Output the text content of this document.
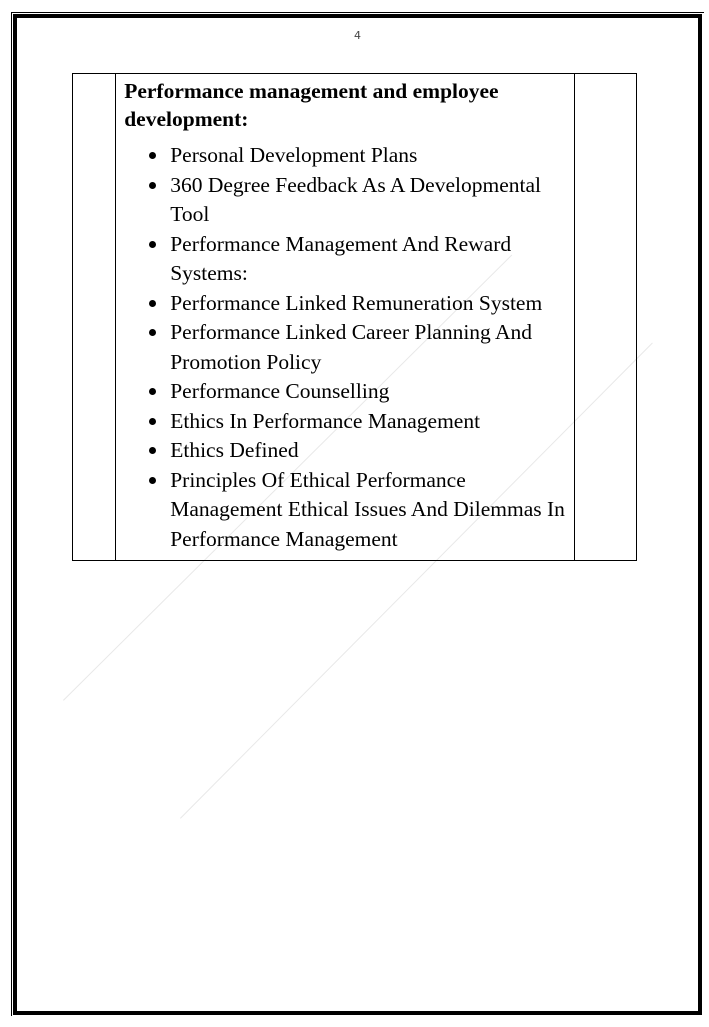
4

Performance management and employee development:

Personal Development Plans
360 Degree Feedback As A Developmental Tool
Performance Management And Reward Systems:
Performance Linked Remuneration System
Performance Linked Career Planning And Promotion Policy
Performance Counselling
Ethics In Performance Management
Ethics Defined
Principles Of Ethical Performance Management Ethical Issues And Dilemmas In Performance Management
